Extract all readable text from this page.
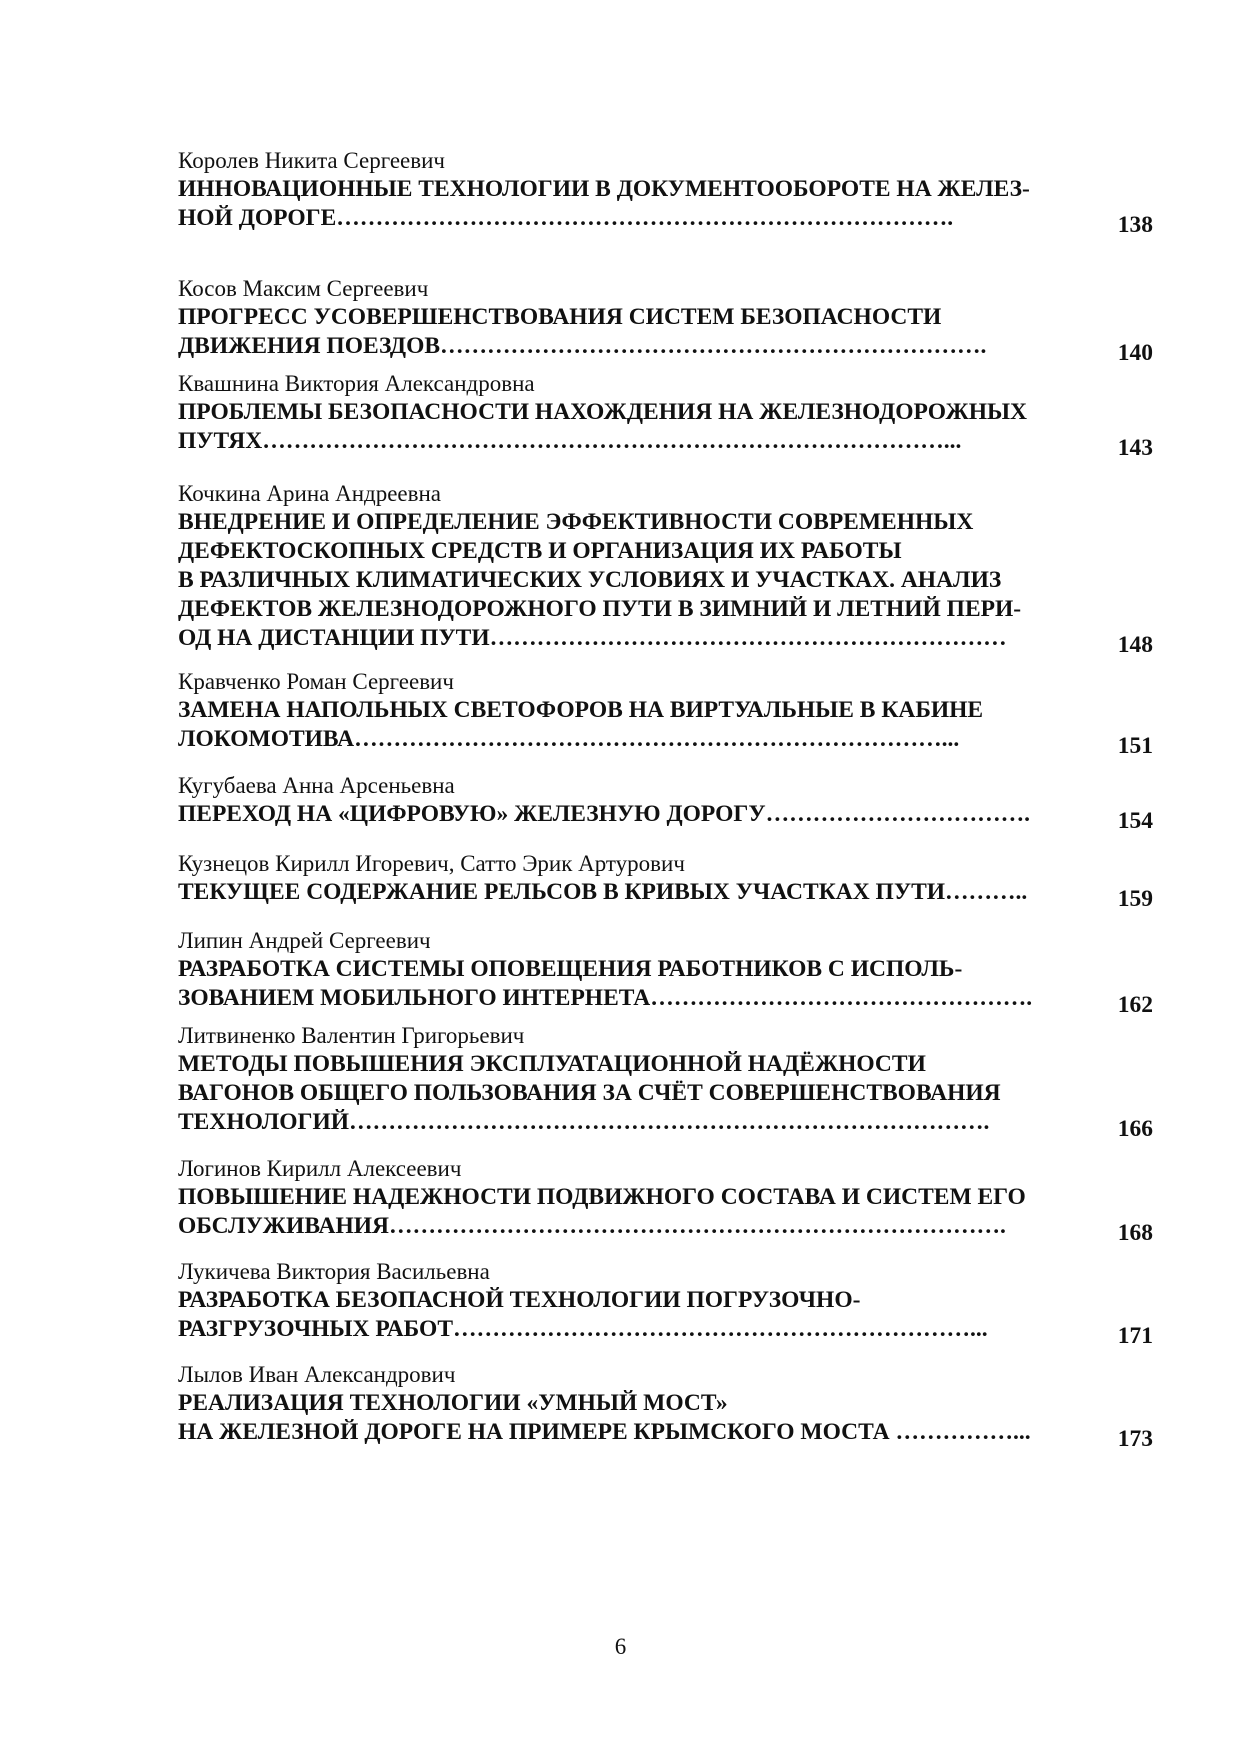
Королев Никита Сергеевич
ИННОВАЦИОННЫЕ ТЕХНОЛОГИИ В ДОКУМЕНТООБОРОТЕ НА ЖЕЛЕЗ-
НОЙ ДОРОГЕ…………………………………………………………………….	138
Косов Максим Сергеевич
ПРОГРЕСС УСОВЕРШЕНСТВОВАНИЯ СИСТЕМ БЕЗОПАСНОСТИ
ДВИЖЕНИЯ ПОЕЗДОВ…………………………………………………………….	140
Квашнина Виктория Александровна
ПРОБЛЕМЫ БЕЗОПАСНОСТИ НАХОЖДЕНИЯ НА ЖЕЛЕЗНОДОРОЖНЫХ
ПУТЯХ……………………………………………………………………………...	143
Кочкина Арина Андреевна
ВНЕДРЕНИЕ И ОПРЕДЕЛЕНИЕ ЭФФЕКТИВНОСТИ СОВРЕМЕННЫХ
ДЕФЕКТОСКОПНЫХ СРЕДСТВ И ОРГАНИЗАЦИЯ ИХ РАБОТЫ
В РАЗЛИЧНЫХ КЛИМАТИЧЕСКИХ УСЛОВИЯХ И УЧАСТКАХ. АНАЛИЗ
ДЕФЕКТОВ ЖЕЛЕЗНОДОРОЖНОГО ПУТИ В ЗИМНИЙ И ЛЕТНИЙ ПЕРИ-
ОД НА ДИСТАНЦИИ ПУТИ…………………………………………………………	148
Кравченко Роман Сергеевич
ЗАМЕНА НАПОЛЬНЫХ СВЕТОФОРОВ НА ВИРТУАЛЬНЫЕ В КАБИНЕ
ЛОКОМОТИВА…………………………………………………………………...	151
Кугубаева Анна Арсеньевна
ПЕРЕХОД НА «ЦИФРОВУЮ» ЖЕЛЕЗНУЮ ДОРОГУ…………………………….	154
Кузнецов Кирилл Игоревич, Сатто Эрик Артурович
ТЕКУЩЕЕ СОДЕРЖАНИЕ РЕЛЬСОВ В КРИВЫХ УЧАСТКАХ ПУТИ………..	159
Липин Андрей Сергеевич
РАЗРАБОТКА СИСТЕМЫ ОПОВЕЩЕНИЯ РАБОТНИКОВ С ИСПОЛЬ-
ЗОВАНИЕМ МОБИЛЬНОГО ИНТЕРНЕТА………………………………………….	162
Литвиненко Валентин Григорьевич
МЕТОДЫ ПОВЫШЕНИЯ ЭКСПЛУАТАЦИОННОЙ НАДЁЖНОСТИ
ВАГОНОВ ОБЩЕГО ПОЛЬЗОВАНИЯ ЗА СЧЁТ СОВЕРШЕНСТВОВАНИЯ
ТЕХНОЛОГИЙ……………………………………………………………………….	166
Логинов Кирилл Алексеевич
ПОВЫШЕНИЕ НАДЕЖНОСТИ ПОДВИЖНОГО СОСТАВА И СИСТЕМ ЕГО
ОБСЛУЖИВАНИЯ…………………………………………………………………….	168
Лукичева Виктория Васильевна
РАЗРАБОТКА БЕЗОПАСНОЙ ТЕХНОЛОГИИ ПОГРУЗОЧНО-
РАЗГРУЗОЧНЫХ РАБОТ…………………………………………………………...	171
Лылов Иван Александрович
РЕАЛИЗАЦИЯ ТЕХНОЛОГИИ «УМНЫЙ МОСТ»
НА ЖЕЛЕЗНОЙ ДОРОГЕ НА ПРИМЕРЕ КРЫМСКОГО МОСТА ……………...	173
6
